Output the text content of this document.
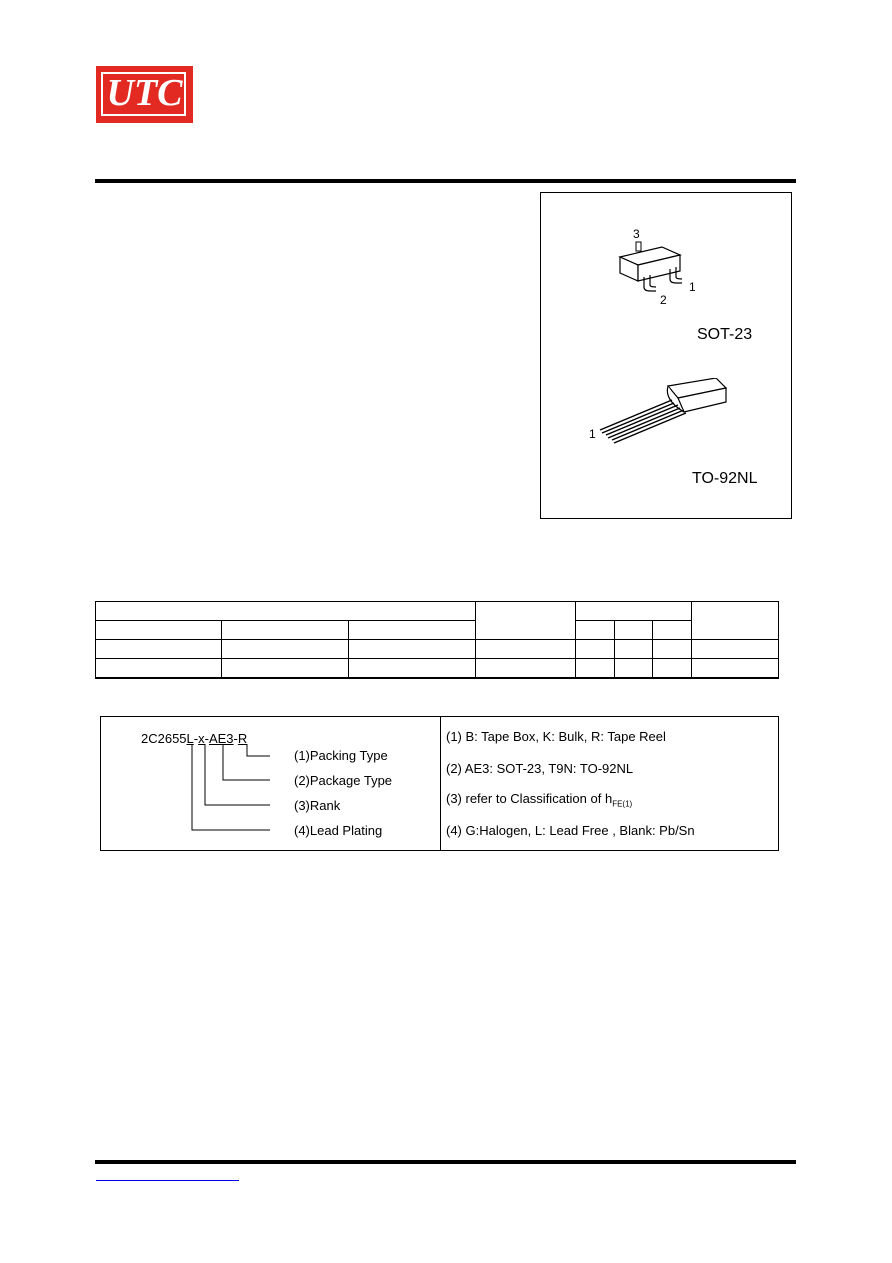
UTC
3
2
1
SOT-23
1
TO-92NL

2C2655L-x-AE3-R
(1)Packing Type
(2)Package Type
(3)Rank
(4)Lead Plating
(1) B: Tape Box, K: Bulk, R: Tape Reel
(2) AE3: SOT-23, T9N: TO-92NL
(3) refer to Classification of $h_{FE(1)}$
(4) G:Halogen, L: Lead Free , Blank: Pb/Sn
